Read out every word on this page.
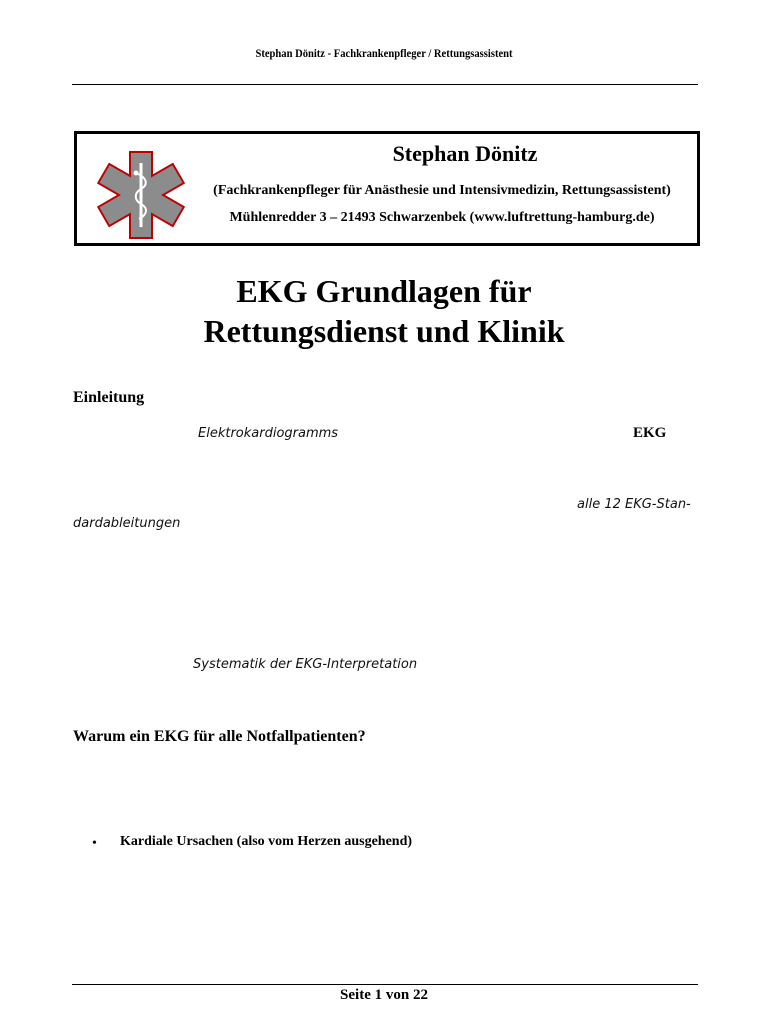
Stephan Dönitz - Fachkrankenpfleger / Rettungsassistent
Stephan Dönitz
(Fachkrankenpfleger für Anästhesie und Intensivmedizin, Rettungsassistent)
Mühlenredder 3 – 21493 Schwarzenbek (www.luftrettung-hamburg.de)
EKG Grundlagen für
Rettungsdienst und Klinik
Einleitung
Elektrokardiogramms	EKG
alle 12 EKG-Stan-
dardableitungen
Systematik der EKG-Interpretation
Warum ein EKG für alle Notfallpatienten?
• Kardiale Ursachen (also vom Herzen ausgehend)
Seite 1 von 22
